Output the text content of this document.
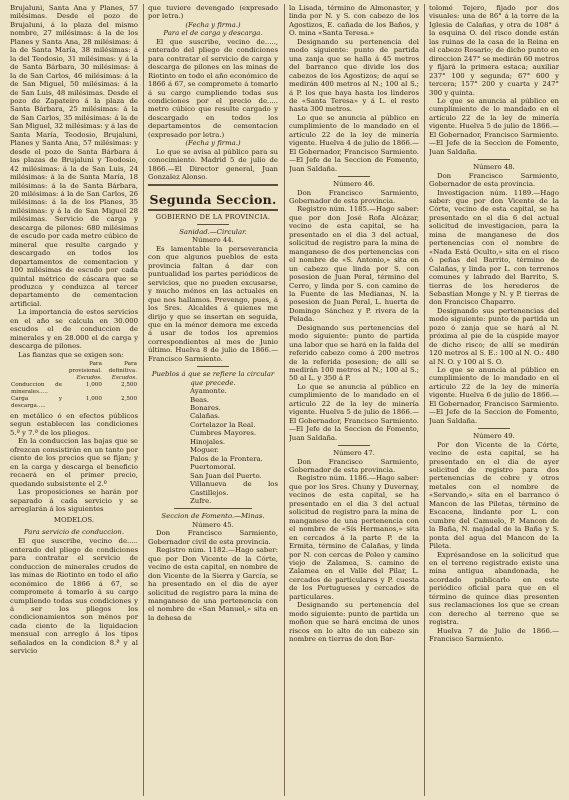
Brujaluni, Santa Ana y Planes, 57 milésimas. Desde el pozo de Brujaluni, á la plaza del mismo nombre, 27 milésimas: á la de los Planes y Santa Ana, 28 milésimas: á la de Santa María, 38 milésimas: á la del Teodosio, 31 milésimas: y á la de Santa Bárbara, 30 milésimas: á la de San Carlos, 46 milésimas: á la de San Miguel, 50 milésimas: á la de San Luis, 48 milésimas. Desde el pozo de Zapateiro á la plaza de Santa Bárbara, 25 milésimas: á la de San Carlos, 35 milésimas: á la de San Miguel, 32 milésimas: y á las de Santa María, Teodosio, Brujaluni, Planes y Santa Ana, 57 milésimas: y desde el pozo de Santa Bárbara á las plazas de Brujaluni y Teodosio, 42 milésimas: á la de San Luis, 24 milésimas: á la de Santa María, 18 milésimas: á la de Santa Bárbara, 20 milésimas: á la de San Carlos, 26 milésimas: á la de los Planes, 35 milésimas: y á la de San Miguel 28 milésimas. Servicio de carga y descarga de pilones: 680 milésimas de escudo por cada metro cúbico de mineral que resulte cargado y descargado en todos los departamentos de cementacion y 100 milésimas de escudo por cada quintal métrico de cáscara que se produzca y conduzca al tercer departamento de cementacion artificial.

La importancia de estos servicios en el año se calcula en 30.000 escudos el de conduccion de minerales y en 28.000 el de carga y descarga de pilones.

Las fianzas que se exigen son:

	Para provisional.	Para definitiva.
	Escudos.	Escudos.
Conduccion de minerales.....	1,000	2,500
Carga y descarga.....	1,000	2,500

en metálico ó en efectos públicos segun establecen las condiciones 5.ª y 7.ª de los pliegos.

En la conduccion las bajas que se ofrezcan consistirán en un tanto por ciento de los precios que se fijan; y en la carga y descarga el beneficio recaerá en el primer precio, quedando subsistente el 2.º

Las proposiciones se harán por separado á cada servicio y se arreglarán á los siguientes

MODELOS.
Para servicio de conduccion.

El que suscribe, vecino de..... enterado del pliego de condiciones para contratar el servicio de conduccion de minerales crudos de las minas de Riotinto en todo el año económico de 1866 á 67, se compromete á tomarlo á su cargo cumpliendo todas sus condiciones y á ser los pliegos los condicionamientos son ménos por cada ciento de la liquidacion mensual con arreglo á los tipos señalados en la condicion 8.ª y al servicio

que tuviere devengado (expresado por letra.)

(Fecha y firma.)
Para el de carga y descarga.

El que suscribe, vecino de....., enterado del pliego de condiciones para contratar el servicio de carga y descarga de pilones en las minas de Riotinto en todo el año económico de 1866 á 67, se compromete á tomarlo á su cargo cumpliendo todas sus condiciones por el precio de..... metro cúbico que resulte cargado y descargado en todos los departamentos de cementacion (expresado por letra.)

(Fecha y firma.)

Lo que se avisa al público para su conocimiento. Madrid 5 de julio de 1866.—El Director general, Juan Gonzalez Alonso.

Segunda Seccion.
GOBIERNO DE LA PROVINCIA.
Sanidad.—Circular.
Número 44.

Es lamentable la perseverancia con que algunos pueblos de esta provincia faltan á dar con puntualidad los partes periódicos de servicios, que no pueden excusarse, y mucho ménos en las actuales en que nos hallamos. Prevengo, pues, á los Sres. Alcaldes á quienes me dirijo y que se insertan en seguida, que en la ménor demora me exceda á usar de todos los apremios correspondientes al mes de Junio último. Huelva 8 de julio de 1866.—Francisco Sarmiento.

Pueblos á que se refiere la circular que precede.
Ayamonte.
Beas.
Bonares.
Calañas.
Cortelazor la Real.
Cumbres Mayores.
Hinojales.
Moguer.
Palos de la Frontera.
Puertomoral.
San Juan del Puerto.
Villanueva de los Castillejos.
Zufre.
Seccion de Fomento.—Minas.
Número 45.

Don Francisco Sarmiento, Gobernador civil de esta provincia.

Registro núm. 1182.—Hago saber: que por Don Vicente de la Córte, vecino de esta capital, en nombre de don Vicente de la Sierra y García, se ha presentado en el dia de ayer solicitud de registro para la mina de manganeso de una pertenencia con el nombre de «San Manuel,» sita en la dehesa de

la Lisada, término de Almonaster, y linda por N. y S. con cabezo de los Agostizos, E. cañada de los Baños, y O. mina «Santa Teresa.»

Designando su pertenencia del modo siguiente: punto de partida una zanja que se halla á 45 metros del barranco que divide los dos cabezos de los Agostizos; de aquí se medirán 400 metros al N.; 100 al S.; á P. los que haya hasta los linderos de «Santa Teresa» y á L. el resto hasta 300 metros.

Lo que se anuncia al público en cumplimiento de lo mandado en el artículo 22 de la ley de minería vigente. Huelva 4 de julio de 1866.—El Gobernador, Francisco Sarmiento.—El Jefe de la Seccion de Fomento, Juan Saldaña.

Número 46.

Don Francisco Sarmiento, Gobernador de esta provincia.

Registro núm. 1185.—Hago saber: que por don José Rofa Alcázar, vecino de esta capital, se ha presentado en el dia 3 del actual, solicitud de registro para la mina de manganeso de dos pertenencias con el nombre de «S. Antonio,» sita en un cabezo que linda por S. con posesion de Juan Peral, término del Cerro, y linda por S. con camino de la Fuente de las Medianas, N. la posesion de Juan Peral, L. huerta de Domingo Sánchez y P. rivera de la Pelada.

Designando sus pertenencias del modo siguiente: punto de partida una labor que se hará en la falda del referido cabezo como á 200 metros de la referida posesion; de allí se medirán 100 metros al N.; 100 al S.; 50 al L. y 350 á P.

Lo que se anuncia al público en cumplimiento de lo mandado en el artículo 22 de la ley de minería vigente. Huelva 5 de julio de 1866.—El Gobernador, Francisco Sarmiento.—El Jefe de la Seccion de Fomento, Juan Saldaña.

Número 47.

Don Francisco Sarmiento, Gobernador de esta provincia.

Registro núm. 1186.—Hago saber: que por los Sres. Chuny y Duvernay, vecinos de esta capital, se ha presentado en el dia 3 del actual solicitud de registro para la mina de manganeso de una pertenencia con el nombre de «Sís Hermanos,» sita en cercados á la parte P. de la Ermita, término de Calañas, y linda por N. con cercas de Poleo y camino viejo de Zalamea, S. camino de Zalamea en el Valle del Pilar, L. cercados de particulares y P. cuesta de los Portugueses y cercados de particulares.

Designando su pertenencia del modo siguiente: punto de partida un moñon que se hará encima de unos riscos en lo alto de un cabezo sin nombre en tierras de don Bar-

tolomé Tejero, fijado por dos visuales: una de 86° á la torre de la Iglesia de Calañas, y otra de 108° á la esquina O. del risco donde están las ruinas de la casa de la Reina en el cabezo Rosario; de dicho punto en direccion 247° se medirán 60 metros y fijará la primera estaca; auxiliar 237° 100 y segunda; 67° 600 y tercera; 157° 200 y cuarta y 247° 300 y quinta.

Lo que se anuncia al público en cumplimiento de lo mandado en el artículo 22 de la ley de minería vigente. Huelva 5 de julio de 1866.—El Gobernador, Francisco Sarmiento.—El Jefe de la Seccion de Fomento, Juan Saldaña.

Número 48.

Don Francisco Sarmiento, Gobernador de esta provincia.

Investigacion núm. 1189.—Hago saber: que por don Vicente de la Córte, vecino de esta capital, se ha presentado en el dia 6 del actual solicitud de investigacion, para la mina de manganeso de dos pertenencias con el nombre de «Nada Está Oculto,» sita en el risco ó peñas del Barrito, término de Calañas, y linda por L. con terrenos comunes y labrado del Barrito, S. tierras de los herederos de Sebastian Monge y N. y P. tierras de don Francisco Chaparro.

Designando sus pertenencias del modo siguiente: punto de partida un pozo ó zanja que se hará al N. próxima al pie de la cúspide mayor de dicho risco; de allí se medirán 120 metros al S. E.: 100 al N. O.: 480 al N. O. y 100 al S. O.

Lo que se anuncia al público en cumplimiento de lo mandado en el artículo 22 de la ley de minería vigente. Huelva 6 de julio de 1866.—El Gobernador, Francisco Sarmiento.—El Jefe de la Seccion de Fomento, Juan Saldaña.

Número 49.

Por don Vicente de la Córte, vecino de esta capital, se ha presentado en el dia de ayer solicitud de registro para dos pertenencias de cobre y otros metales con el nombre de «Servando,» sita en el barranco ó Mancon de las Piletas, término de Escacena, lindante por L. con cumbre del Camuelo, P. Mancon de la Baña, N. majadal de la Baña y S. ponta del agua del Mancon de la Pileta.

Exprésandose en la solicitud que en el terreno registrado existe una mina antigua abandonada, he acordado publicarlo en este periódico oficial para que en el término de quince dias presenten sus reclamaciones los que se crean con derecho al terreno que se registra.

Huelva 7 de Julio de 1866.—Francisco Sarmiento.
